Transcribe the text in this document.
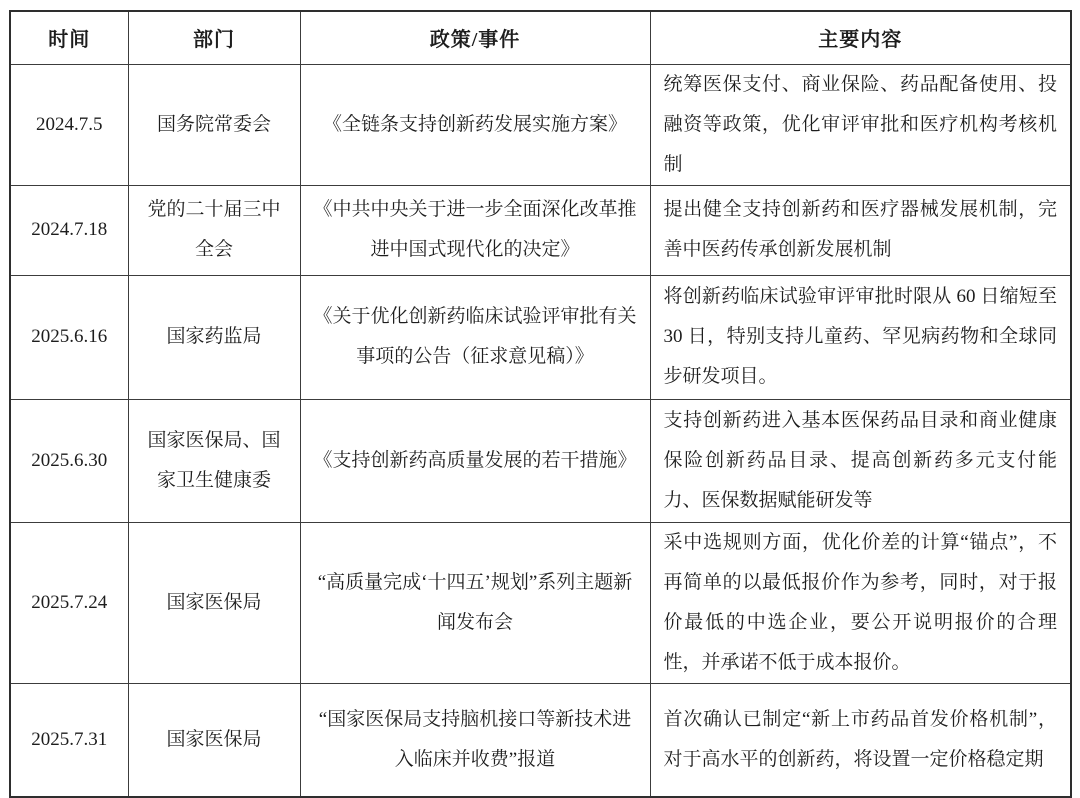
时间	部门	政策/事件	主要内容
2024.7.5	国务院常委会	《全链条支持创新药发展实施方案》	统筹医保支付、商业保险、药品配备使用、投融资等政策，优化审评审批和医疗机构考核机制
2024.7.18	党的二十届三中全会	《中共中央关于进一步全面深化改革推进中国式现代化的决定》	提出健全支持创新药和医疗器械发展机制，完善中医药传承创新发展机制
2025.6.16	国家药监局	《关于优化创新药临床试验评审批有关事项的公告（征求意见稿）》	将创新药临床试验审评审批时限从 60 日缩短至 30 日，特别支持儿童药、罕见病药物和全球同步研发项目。
2025.6.30	国家医保局、国家卫生健康委	《支持创新药高质量发展的若干措施》	支持创新药进入基本医保药品目录和商业健康保险创新药品目录、提高创新药多元支付能力、医保数据赋能研发等
2025.7.24	国家医保局	“高质量完成‘十四五’规划”系列主题新闻发布会	采中选规则方面，优化价差的计算“锚点”，不再简单的以最低报价作为参考，同时，对于报价最低的中选企业，要公开说明报价的合理性，并承诺不低于成本报价。
2025.7.31	国家医保局	“国家医保局支持脑机接口等新技术进入临床并收费”报道	首次确认已制定“新上市药品首发价格机制”，对于高水平的创新药，将设置一定价格稳定期
